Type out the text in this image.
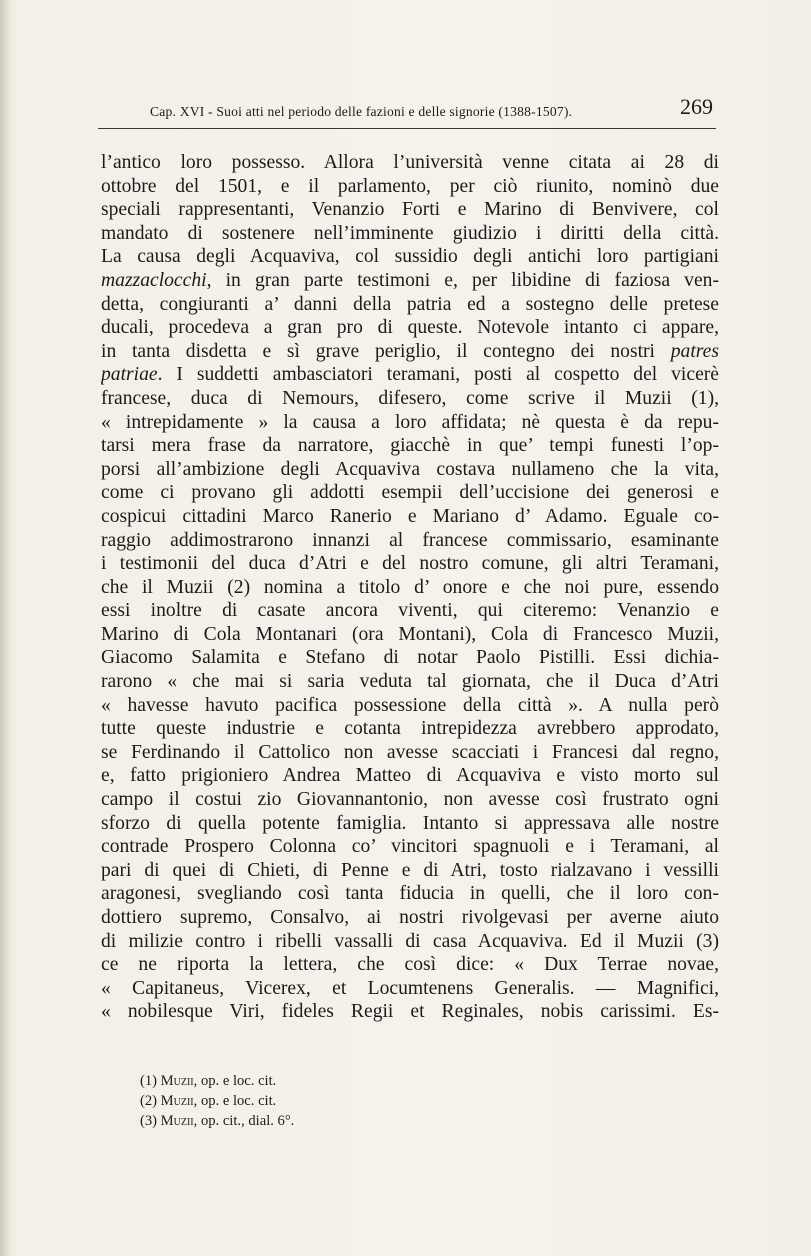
Cap. XVI - Suoi atti nel periodo delle fazioni e delle signorie (1388-1507).	269
l’antico loro possesso. Allora l’università venne citata ai 28 di
ottobre del 1501, e il parlamento, per ciò riunito, nominò due
speciali rappresentanti, Venanzio Forti e Marino di Benvivere, col
mandato di sostenere nell’imminente giudizio i diritti della città.
La causa degli Acquaviva, col sussidio degli antichi loro partigiani
mazzaclocchi, in gran parte testimoni e, per libidine di faziosa ven-
detta, congiuranti a’ danni della patria ed a sostegno delle pretese
ducali, procedeva a gran pro di queste. Notevole intanto ci appare,
in tanta disdetta e sì grave periglio, il contegno dei nostri patres
patriae. I suddetti ambasciatori teramani, posti al cospetto del vicerè
francese, duca di Nemours, difesero, come scrive il Muzii (1),
« intrepidamente » la causa a loro affidata; nè questa è da repu-
tarsi mera frase da narratore, giacchè in que’ tempi funesti l’op-
porsi all’ambizione degli Acquaviva costava nullameno che la vita,
come ci provano gli addotti esempii dell’uccisione dei generosi e
cospicui cittadini Marco Ranerio e Mariano d’ Adamo. Eguale co-
raggio addimostrarono innanzi al francese commissario, esaminante
i testimonii del duca d’Atri e del nostro comune, gli altri Teramani,
che il Muzii (2) nomina a titolo d’ onore e che noi pure, essendo
essi inoltre di casate ancora viventi, qui citeremo: Venanzio e
Marino di Cola Montanari (ora Montani), Cola di Francesco Muzii,
Giacomo Salamita e Stefano di notar Paolo Pistilli. Essi dichia-
rarono « che mai si saria veduta tal giornata, che il Duca d’Atri
« havesse havuto pacifica possessione della città ». A nulla però
tutte queste industrie e cotanta intrepidezza avrebbero approdato,
se Ferdinando il Cattolico non avesse scacciati i Francesi dal regno,
e, fatto prigioniero Andrea Matteo di Acquaviva e visto morto sul
campo il costui zio Giovannantonio, non avesse così frustrato ogni
sforzo di quella potente famiglia. Intanto si appressava alle nostre
contrade Prospero Colonna co’ vincitori spagnuoli e i Teramani, al
pari di quei di Chieti, di Penne e di Atri, tosto rialzavano i vessilli
aragonesi, svegliando così tanta fiducia in quelli, che il loro con-
dottiero supremo, Consalvo, ai nostri rivolgevasi per averne aiuto
di milizie contro i ribelli vassalli di casa Acquaviva. Ed il Muzii (3)
ce ne riporta la lettera, che così dice: « Dux Terrae novae,
« Capitaneus, Vicerex, et Locumtenens Generalis. — Magnifici,
« nobilesque Viri, fideles Regii et Reginales, nobis carissimi. Es-
(1) Muzii, op. e loc. cit.
(2) Muzii, op. e loc. cit.
(3) Muzii, op. cit., dial. 6°.
